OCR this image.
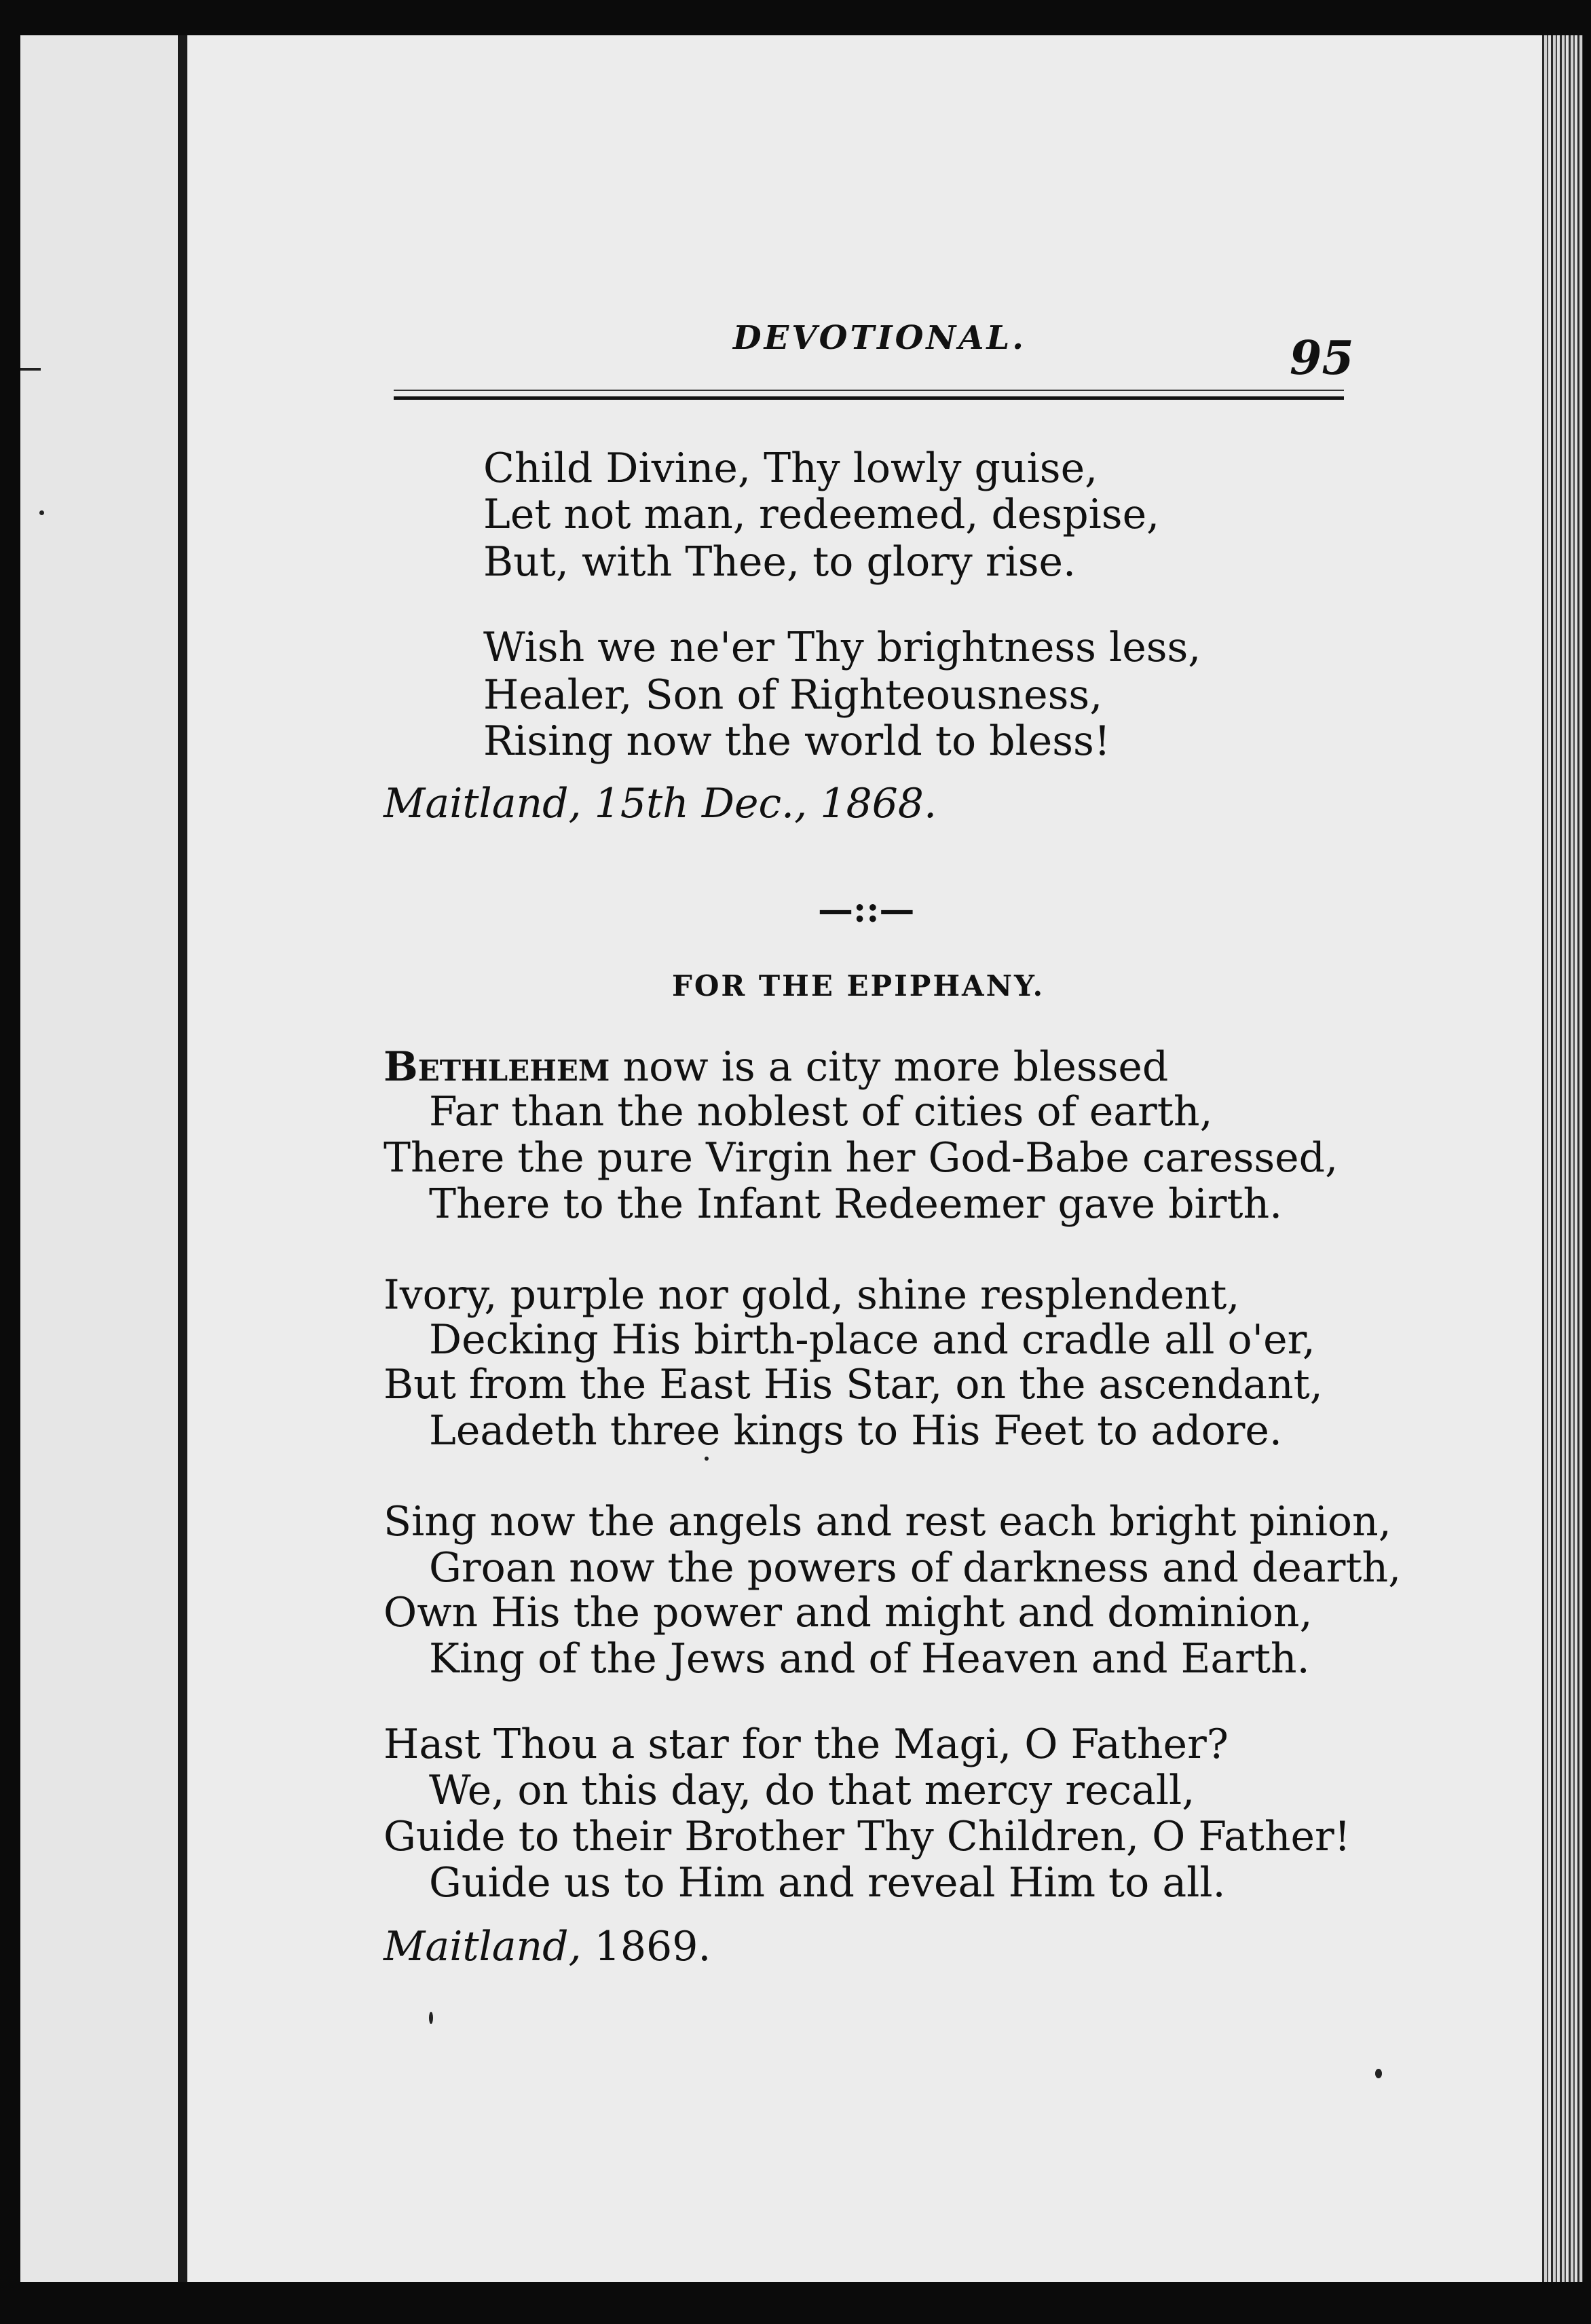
DEVOTIONAL.	95
Child Divine, Thy lowly guise,
Let not man, redeemed, despise,
But, with Thee, to glory rise.
Wish we ne'er Thy brightness less,
Healer, Son of Righteousness,
Rising now the world to bless!
Maitland, 15th Dec., 1868.
—::—
FOR THE EPIPHANY.
Bethlehem now is a city more blessed
Far than the noblest of cities of earth,
There the pure Virgin her God-Babe caressed,
There to the Infant Redeemer gave birth.
Ivory, purple nor gold, shine resplendent,
Decking His birth-place and cradle all o'er,
But from the East His Star, on the ascendant,
Leadeth three kings to His Feet to adore.
Sing now the angels and rest each bright pinion,
Groan now the powers of darkness and dearth,
Own His the power and might and dominion,
King of the Jews and of Heaven and Earth.
Hast Thou a star for the Magi, O Father?
We, on this day, do that mercy recall,
Guide to their Brother Thy Children, O Father!
Guide us to Him and reveal Him to all.
Maitland, 1869.
